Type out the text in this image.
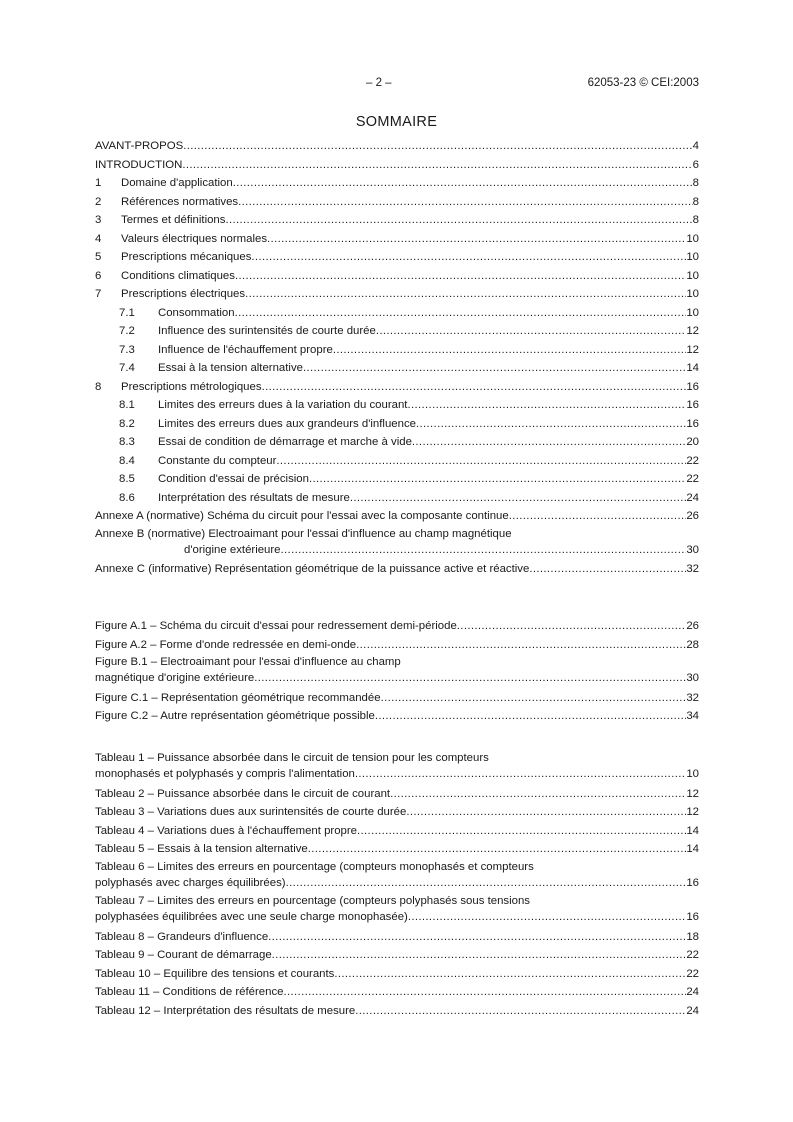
– 2 –	62053-23 © CEI:2003
SOMMAIRE
AVANT-PROPOS .....	4
INTRODUCTION .....	6
1	Domaine d'application .....	8
2	Références normatives .....	8
3	Termes et définitions .....	8
4	Valeurs électriques normales .....	10
5	Prescriptions mécaniques .....	10
6	Conditions climatiques .....	10
7	Prescriptions électriques .....	10
7.1	Consommation .....	10
7.2	Influence des surintensités de courte durée .....	12
7.3	Influence de l'échauffement propre .....	12
7.4	Essai à la tension alternative .....	14
8	Prescriptions métrologiques .....	16
8.1	Limites des erreurs dues à la variation du courant .....	16
8.2	Limites des erreurs dues aux grandeurs d'influence .....	16
8.3	Essai de condition de démarrage et marche à vide .....	20
8.4	Constante du compteur .....	22
8.5	Condition d'essai de précision .....	22
8.6	Interprétation des résultats de mesure .....	24
Annexe A (normative) Schéma du circuit pour l'essai avec la composante continue .....	26
Annexe B (normative) Electroaimant pour l'essai d'influence au champ magnétique
d'origine extérieure .....	30
Annexe C (informative) Représentation géométrique de la puissance active et réactive .....	32
Figure A.1 – Schéma du circuit d'essai pour redressement demi-période .....	26
Figure A.2 – Forme d'onde redressée en demi-onde .....	28
Figure B.1 – Electroaimant pour l'essai d'influence au champ
magnétique d'origine extérieure .....	30
Figure C.1 – Représentation géométrique recommandée .....	32
Figure C.2 – Autre représentation géométrique possible .....	34
Tableau 1 – Puissance absorbée dans le circuit de tension pour les compteurs
monophasés et polyphasés y compris l'alimentation .....	10
Tableau 2 – Puissance absorbée dans le circuit de courant .....	12
Tableau 3 – Variations dues aux surintensités de courte durée .....	12
Tableau 4 – Variations dues à l'échauffement propre .....	14
Tableau 5 – Essais à la tension alternative .....	14
Tableau 6 – Limites des erreurs en pourcentage (compteurs monophasés et compteurs
polyphasés avec charges équilibrées) .....	16
Tableau 7 – Limites des erreurs en pourcentage (compteurs polyphasés sous tensions
polyphasées équilibrées avec une seule charge monophasée) .....	16
Tableau 8 – Grandeurs d'influence .....	18
Tableau 9 – Courant de démarrage .....	22
Tableau 10 – Equilibre des tensions et courants .....	22
Tableau 11 – Conditions de référence .....	24
Tableau 12 – Interprétation des résultats de mesure .....	24
